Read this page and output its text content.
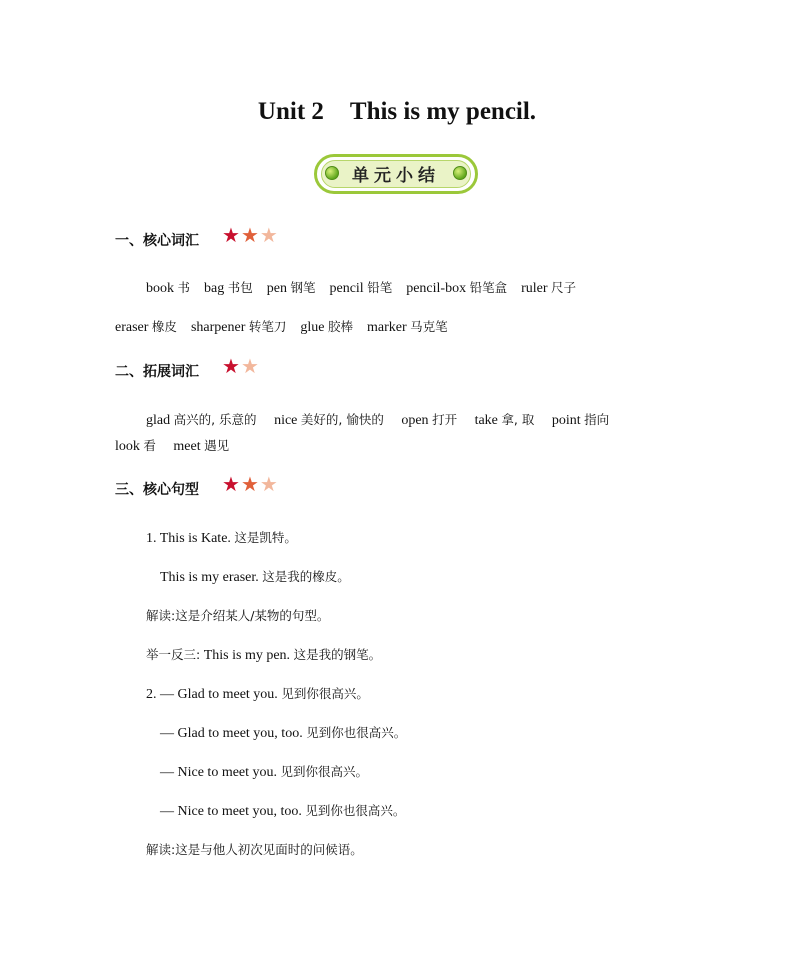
Unit 2 This is my pencil.
单元小结
一、核心词汇 ★★★
book 书 bag 书包 pen 钢笔 pencil 铅笔 pencil-box 铅笔盒 ruler 尺子
eraser 橡皮 sharpener 转笔刀 glue 胶棒 marker 马克笔
二、拓展词汇 ★★
glad 高兴的, 乐意的 nice 美好的, 愉快的 open 打开 take 拿, 取 point 指向
look 看 meet 遇见
三、核心句型 ★★★
1. This is Kate. 这是凯特。
This is my eraser. 这是我的橡皮。
解读:这是介绍某人/某物的句型。
举一反三: This is my pen. 这是我的钢笔。
2. — Glad to meet you. 见到你很高兴。
— Glad to meet you, too. 见到你也很高兴。
— Nice to meet you. 见到你很高兴。
— Nice to meet you, too. 见到你也很高兴。
解读:这是与他人初次见面时的问候语。
